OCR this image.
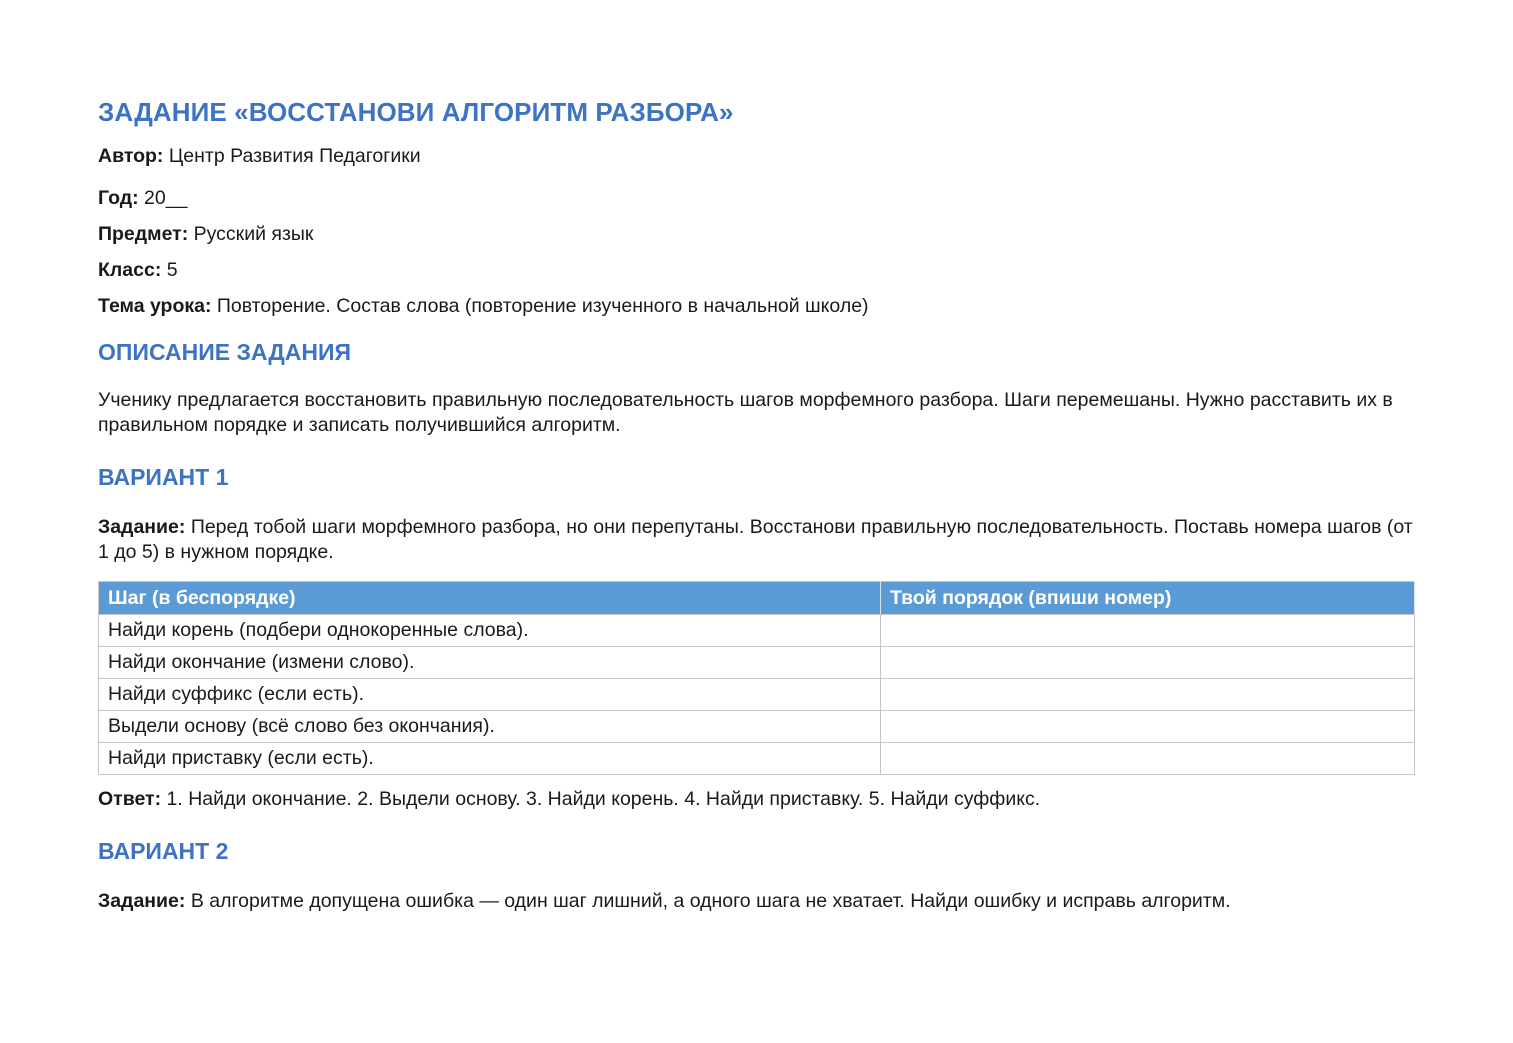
ЗАДАНИЕ «ВОССТАНОВИ АЛГОРИТМ РАЗБОРА»

Автор: Центр Развития Педагогики

Год: 20__

Предмет: Русский язык

Класс: 5

Тема урока: Повторение. Состав слова (повторение изученного в начальной школе)

ОПИСАНИЕ ЗАДАНИЯ

Ученику предлагается восстановить правильную последовательность шагов морфемного разбора. Шаги перемешаны. Нужно расставить их в правильном порядке и записать получившийся алгоритм.

ВАРИАНТ 1

Задание: Перед тобой шаги морфемного разбора, но они перепутаны. Восстанови правильную последовательность. Поставь номера шагов (от 1 до 5) в нужном порядке.

Шаг (в беспорядке)	Твой порядок (впиши номер)
Найди корень (подбери однокоренные слова).	
Найди окончание (измени слово).	
Найди суффикс (если есть).	
Выдели основу (всё слово без окончания).	
Найди приставку (если есть).	

Ответ: 1. Найди окончание. 2. Выдели основу. 3. Найди корень. 4. Найди приставку. 5. Найди суффикс.

ВАРИАНТ 2

Задание: В алгоритме допущена ошибка — один шаг лишний, а одного шага не хватает. Найди ошибку и исправь алгоритм.
